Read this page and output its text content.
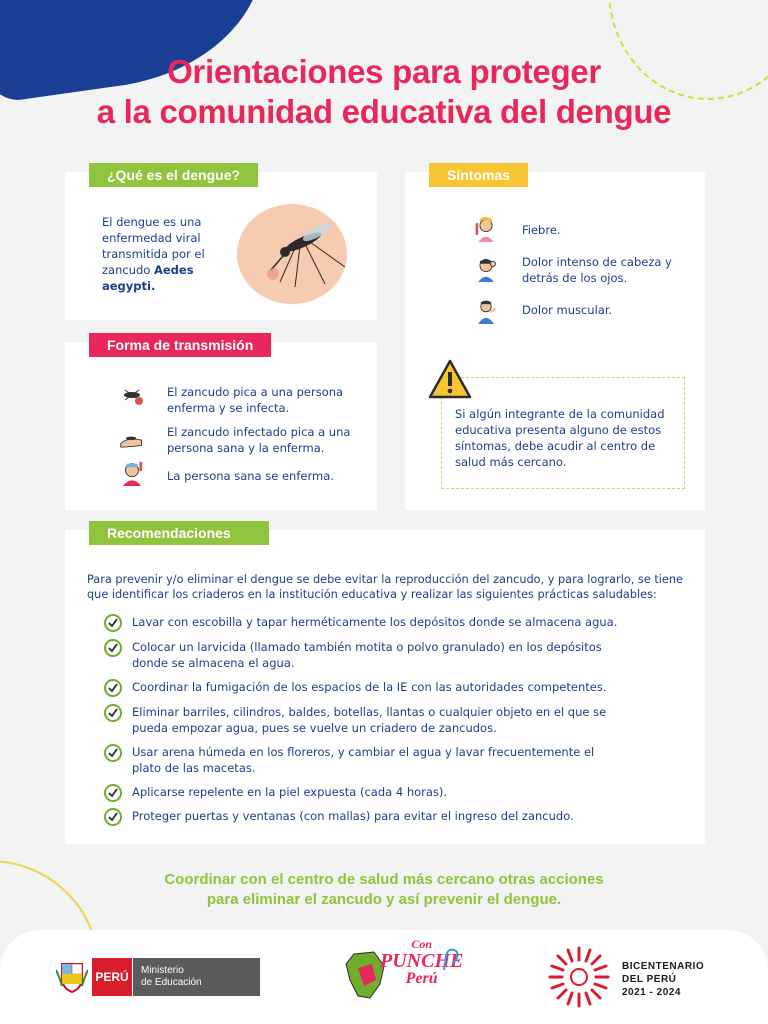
Orientaciones para proteger
a la comunidad educativa del dengue
¿Qué es el dengue?
El dengue es una enfermedad viral transmitida por el zancudo Aedes aegypti.
Forma de transmisión
El zancudo pica a una persona enferma y se infecta.
El zancudo infectado pica a una persona sana y la enferma.
La persona sana se enferma.
Síntomas
Fiebre.
Dolor intenso de cabeza y detrás de los ojos.
Dolor muscular.
Si algún integrante de la comunidad educativa presenta alguno de estos síntomas, debe acudir al centro de salud más cercano.
Recomendaciones
Para prevenir y/o eliminar el dengue se debe evitar la reproducción del zancudo, y para lograrlo, se tiene que identificar los criaderos en la institución educativa y realizar las siguientes prácticas saludables:
Lavar con escobilla y tapar herméticamente los depósitos donde se almacena agua.
Colocar un larvicida (llamado también motita o polvo granulado) en los depósitos donde se almacena el agua.
Coordinar la fumigación de los espacios de la IE con las autoridades competentes.
Eliminar barriles, cilindros, baldes, botellas, llantas o cualquier objeto en el que se pueda empozar agua, pues se vuelve un criadero de zancudos.
Usar arena húmeda en los floreros, y cambiar el agua y lavar frecuentemente el plato de las macetas.
Aplicarse repelente en la piel expuesta (cada 4 horas).
Proteger puertas y ventanas (con mallas) para evitar el ingreso del zancudo.
Coordinar con el centro de salud más cercano otras acciones
para eliminar el zancudo y así prevenir el dengue.
PERÚ	Ministerio
de Educación
Con
PUNCHE
Perú
BICENTENARIO
DEL PERÚ
2021 - 2024
